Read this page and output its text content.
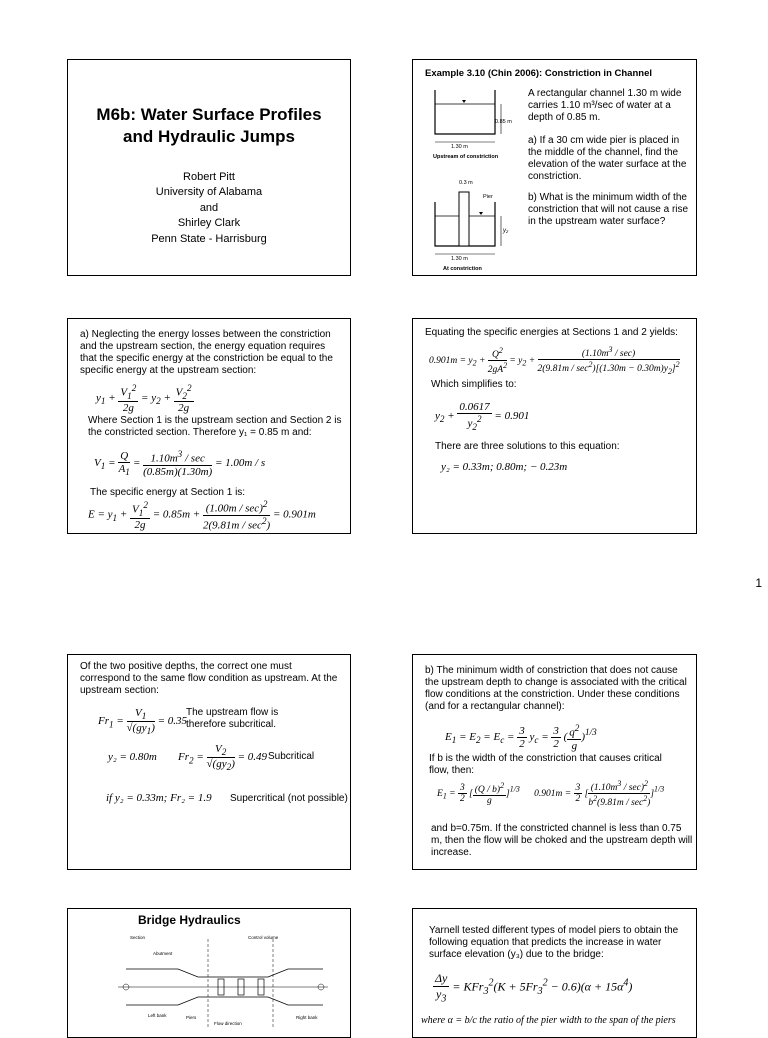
M6b: Water Surface Profiles
and Hydraulic Jumps
Robert Pitt
University of Alabama
and
Shirley Clark
Penn State - Harrisburg
Example 3.10 (Chin 2006): Constriction in Channel
0.85 m
1.30 m
Upstream of constriction
0.3 m
Pier
y₂
1.30 m
At constriction
A rectangular channel 1.30 m wide carries 1.10 m³/sec of water at a depth of 0.85 m.
a) If a 30 cm wide pier is placed in the middle of the channel, find the elevation of the water surface at the constriction.
b) What is the minimum width of the constriction that will not cause a rise in the upstream water surface?
a) Neglecting the energy losses between the constriction and the upstream section, the energy equation requires that the specific energy at the constriction be equal to the specific energy at the upstream section:
$y_1 + \frac{V_1^2}{2g} = y_2 + \frac{V_2^2}{2g}$
Where Section 1 is the upstream section and Section 2 is the constricted section. Therefore y₁ = 0.85 m and:
$V_1 = \frac{Q}{A_1} = \frac{1.10m^3 / \sec}{(0.85m)(1.30m)} = 1.00m / s$
The specific energy at Section 1 is:
$E = y_1 + \frac{V_1^2}{2g} = 0.85m + \frac{(1.00m / \sec)^2}{2(9.81m / \sec^2)} = 0.901m$
Equating the specific energies at Sections 1 and 2 yields:
$0.901m = y_2 + \frac{Q^2}{2gA^2} = y_2 + \frac{(1.10m^3 / \sec)}{2(9.81m / \sec^2)[(1.30m - 0.30m)y_2]^2}$
Which simplifies to:
$y_2 + \frac{0.0617}{y_2^2} = 0.901$
There are three solutions to this equation:
y₂ = 0.33m; 0.80m; − 0.23m
1
Of the two positive depths, the correct one must correspond to the same flow condition as upstream. At the upstream section:
$Fr_1 = \frac{V_1}{√(gy_1)} = 0.35$
The upstream flow is therefore subcritical.
y₂ = 0.80m $Fr_2 = \frac{V_2}{√(gy_2)} = 0.49$ Subcritical
if y₂ = 0.33m; Fr₂ = 1.9 Supercritical (not possible)
b) The minimum width of constriction that does not cause the upstream depth to change is associated with the critical flow conditions at the constriction. Under these conditions (and for a rectangular channel):
$E_1 = E_2 = E_c = \frac{3}{2} y_c = \frac{3}{2}$ ( $\frac{q^2}{g} )^{1/3}$
If b is the width of the constriction that causes critical flow, then:
$E_1 = \frac{3}{2}$ [ $\frac{(Q / b)^2}{g} ]^{1/3}$      $0.901m = \frac{3}{2}$ [ $\frac{(1.10m^3 / \sec)^2}{b^2(9.81m / \sec^2)} ]^{1/3}$
and b=0.75m. If the constricted channel is less than 0.75 m, then the flow will be choked and the upstream depth will increase.
Bridge Hydraulics
Section
Abutment
Control volume
Left bank	Piers	Right bank
Flow direction
Yarnell tested different types of model piers to obtain the following equation that predicts the increase in water surface elevation (y₃) due to the bridge:
$\frac{\Delta y}{y_3} = KFr_3^2(K + 5Fr_3^2 - 0.6)(\alpha + 15\alpha^4)$
where α = b/c the ratio of the pier width to the span of the piers
